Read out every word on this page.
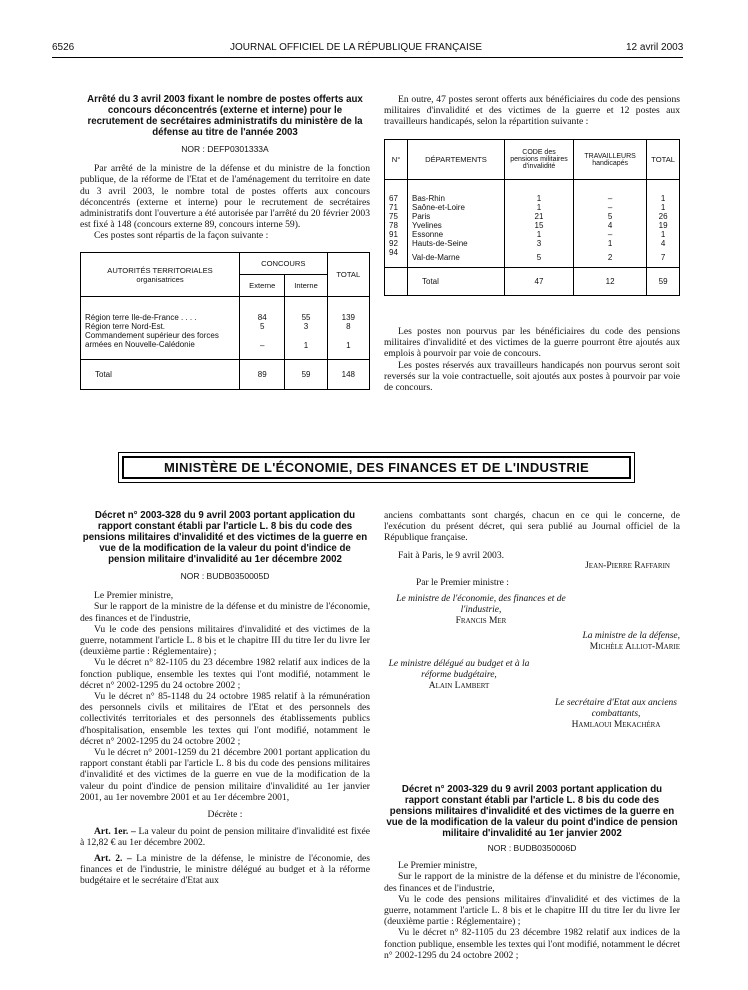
6526	JOURNAL OFFICIEL DE LA RÉPUBLIQUE FRANÇAISE	12 avril 2003
Arrêté du 3 avril 2003 fixant le nombre de postes offerts aux concours déconcentrés (externe et interne) pour le recrutement de secrétaires administratifs du ministère de la défense au titre de l'année 2003
NOR : DEFP0301333A

Par arrêté de la ministre de la défense et du ministre de la fonction publique, de la réforme de l'Etat et de l'aménagement du territoire en date du 3 avril 2003, le nombre total de postes offerts aux concours déconcentrés (externe et interne) pour le recrutement de secrétaires administratifs dont l'ouverture a été autorisée par l'arrêté du 20 février 2003 est fixé à 148 (concours externe 89, concours interne 59).

Ces postes sont répartis de la façon suivante :

AUTORITÉS TERRITORIALES organisatrices	CONCOURS		TOTAL
	Externe	Interne	
Région terre Ile-de-France . . . .	84	55	139
Région terre Nord-Est.	5	3	8
Commandement supérieur des forces armées en Nouvelle-Calédonie	–	1	1
Total	89	59	148

En outre, 47 postes seront offerts aux bénéficiaires du code des pensions militaires d'invalidité et des victimes de la guerre et 12 postes aux travailleurs handicapés, selon la répartition suivante :

N°	DÉPARTEMENTS	CODE des pensions militaires d'invalidité	TRAVAILLEURS handicapés	TOTAL
67	Bas-Rhin	1	–	1
71	Saône-et-Loire	1	–	1
75	Paris	21	5	26
78	Yvelines	15	4	19
91	Essonne	1	–	1
92	Hauts-de-Seine	3	1	4
94	Val-de-Marne	5	2	7
	Total	47	12	59

Les postes non pourvus par les bénéficiaires du code des pensions militaires d'invalidité et des victimes de la guerre pourront être ajoutés aux emplois à pourvoir par voie de concours.

Les postes réservés aux travailleurs handicapés non pourvus seront soit reversés sur la voie contractuelle, soit ajoutés aux postes à pourvoir par voie de concours.

MINISTÈRE DE L'ÉCONOMIE, DES FINANCES ET DE L'INDUSTRIE
Décret n° 2003-328 du 9 avril 2003 portant application du rapport constant établi par l'article L. 8 bis du code des pensions militaires d'invalidité et des victimes de la guerre en vue de la modification de la valeur du point d'indice de pension militaire d'invalidité au 1er décembre 2002
NOR : BUDB0350005D

Le Premier ministre,

Sur le rapport de la ministre de la défense et du ministre de l'économie, des finances et de l'industrie,

Vu le code des pensions militaires d'invalidité et des victimes de la guerre, notamment l'article L. 8 bis et le chapitre III du titre Ier du livre Ier (deuxième partie : Réglementaire) ;

Vu le décret n° 82-1105 du 23 décembre 1982 relatif aux indices de la fonction publique, ensemble les textes qui l'ont modifié, notamment le décret n° 2002-1295 du 24 octobre 2002 ;

Vu le décret n° 85-1148 du 24 octobre 1985 relatif à la rémunération des personnels civils et militaires de l'Etat et des personnels des collectivités territoriales et des personnels des établissements publics d'hospitalisation, ensemble les textes qui l'ont modifié, notamment le décret n° 2002-1295 du 24 octobre 2002 ;

Vu le décret n° 2001-1259 du 21 décembre 2001 portant application du rapport constant établi par l'article L. 8 bis du code des pensions militaires d'invalidité et des victimes de la guerre en vue de la modification de la valeur du point d'indice de pension militaire d'invalidité au 1er janvier 2001, au 1er novembre 2001 et au 1er décembre 2001,

Décrète :

Art. 1er. – La valeur du point de pension militaire d'invalidité est fixée à 12,82 € au 1er décembre 2002.

Art. 2. – La ministre de la défense, le ministre de l'économie, des finances et de l'industrie, le ministre délégué au budget et à la réforme budgétaire et le secrétaire d'Etat aux

anciens combattants sont chargés, chacun en ce qui le concerne, de l'exécution du présent décret, qui sera publié au Journal officiel de la République française.

Fait à Paris, le 9 avril 2003.

Jean-Pierre Raffarin
Par le Premier ministre :
Le ministre de l'économie, des finances et de l'industrie,
Francis Mer
La ministre de la défense,
Michèle Alliot-Marie
Le ministre délégué au budget et à la réforme budgétaire,
Alain Lambert
Le secrétaire d'Etat aux anciens combattants,
Hamlaoui Mekachéra
Décret n° 2003-329 du 9 avril 2003 portant application du rapport constant établi par l'article L. 8 bis du code des pensions militaires d'invalidité et des victimes de la guerre en vue de la modification de la valeur du point d'indice de pension militaire d'invalidité au 1er janvier 2002
NOR : BUDB0350006D

Le Premier ministre,

Sur le rapport de la ministre de la défense et du ministre de l'économie, des finances et de l'industrie,

Vu le code des pensions militaires d'invalidité et des victimes de la guerre, notamment l'article L. 8 bis et le chapitre III du titre Ier du livre Ier (deuxième partie : Réglementaire) ;

Vu le décret n° 82-1105 du 23 décembre 1982 relatif aux indices de la fonction publique, ensemble les textes qui l'ont modifié, notamment le décret n° 2002-1295 du 24 octobre 2002 ;
